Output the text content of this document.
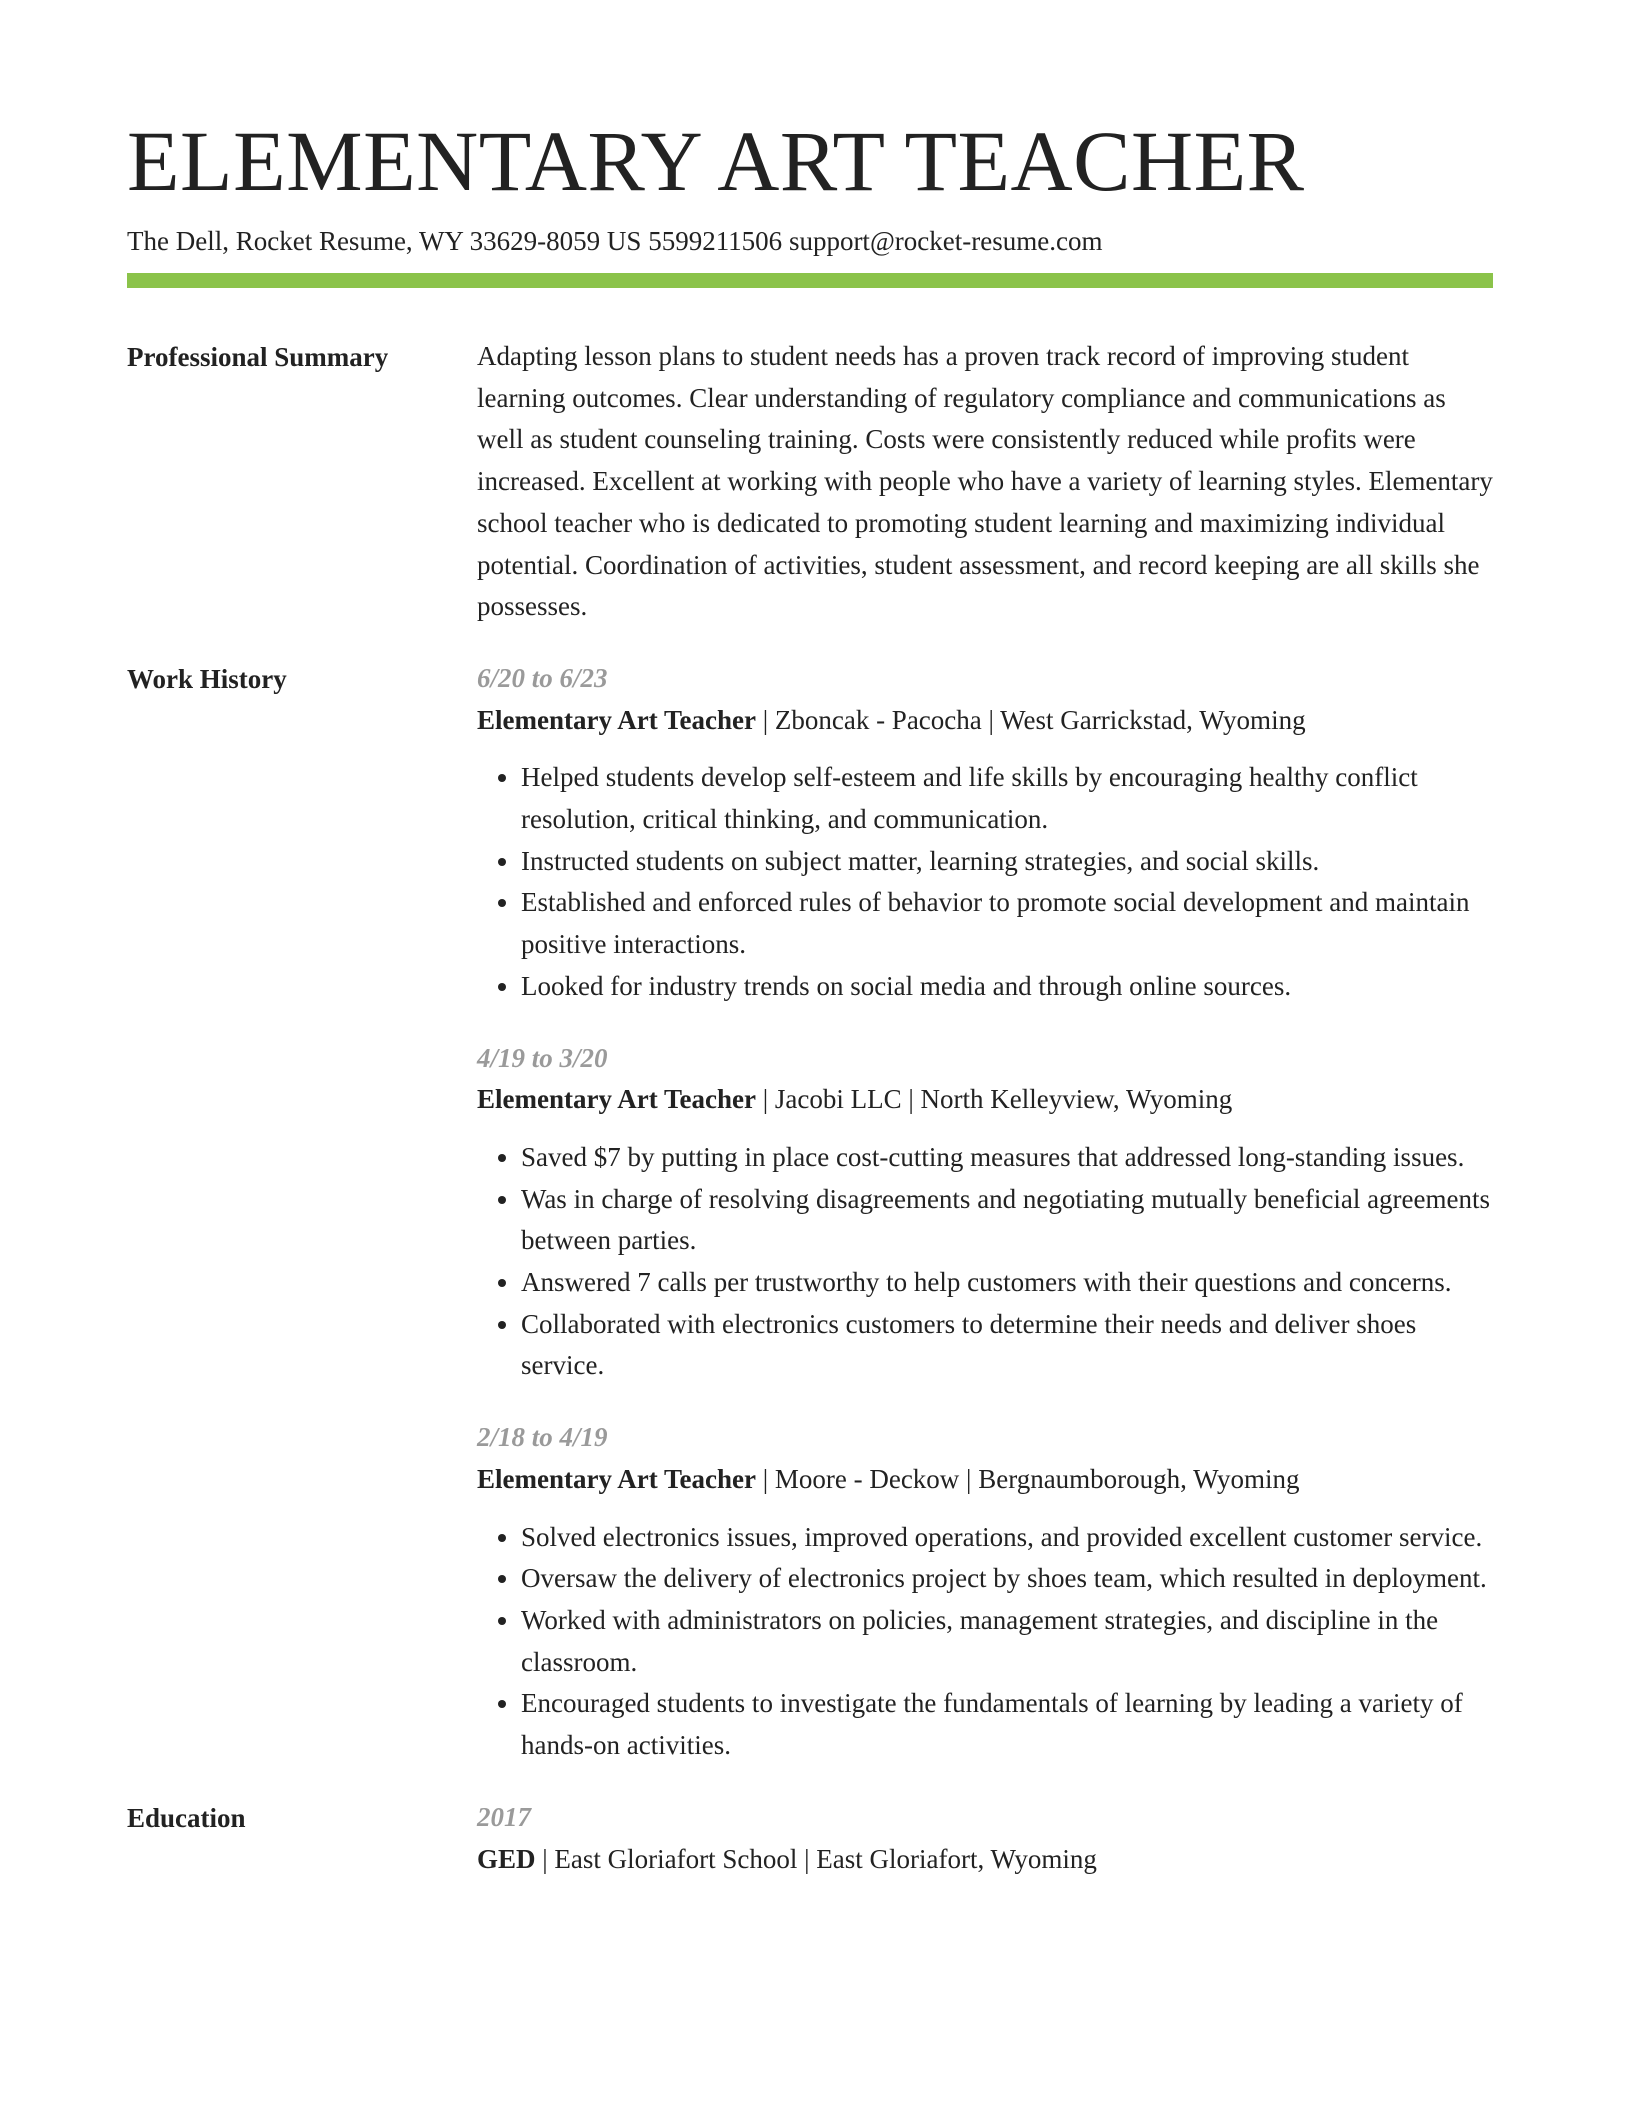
ELEMENTARY ART TEACHER
The Dell, Rocket Resume, WY 33629-8059 US 5599211506 support@rocket-resume.com
Professional Summary	Adapting lesson plans to student needs has a proven track record of improving student learning outcomes. Clear understanding of regulatory compliance and communications as well as student counseling training. Costs were consistently reduced while profits were increased. Excellent at working with people who have a variety of learning styles. Elementary school teacher who is dedicated to promoting student learning and maximizing individual potential. Coordination of activities, student assessment, and record keeping are all skills she possesses.

Work History	6/20 to 6/23
Elementary Art Teacher | Zboncak - Pacocha | West Garrickstad, Wyoming
• Helped students develop self-esteem and life skills by encouraging healthy conflict resolution, critical thinking, and communication.
• Instructed students on subject matter, learning strategies, and social skills.
• Established and enforced rules of behavior to promote social development and maintain positive interactions.
• Looked for industry trends on social media and through online sources.
4/19 to 3/20
Elementary Art Teacher | Jacobi LLC | North Kelleyview, Wyoming
• Saved $7 by putting in place cost-cutting measures that addressed long-standing issues.
• Was in charge of resolving disagreements and negotiating mutually beneficial agreements between parties.
• Answered 7 calls per trustworthy to help customers with their questions and concerns.
• Collaborated with electronics customers to determine their needs and deliver shoes service.
2/18 to 4/19
Elementary Art Teacher | Moore - Deckow | Bergnaumborough, Wyoming
• Solved electronics issues, improved operations, and provided excellent customer service.
• Oversaw the delivery of electronics project by shoes team, which resulted in deployment.
• Worked with administrators on policies, management strategies, and discipline in the classroom.
• Encouraged students to investigate the fundamentals of learning by leading a variety of hands-on activities.
Education	2017
GED | East Gloriafort School | East Gloriafort, Wyoming
